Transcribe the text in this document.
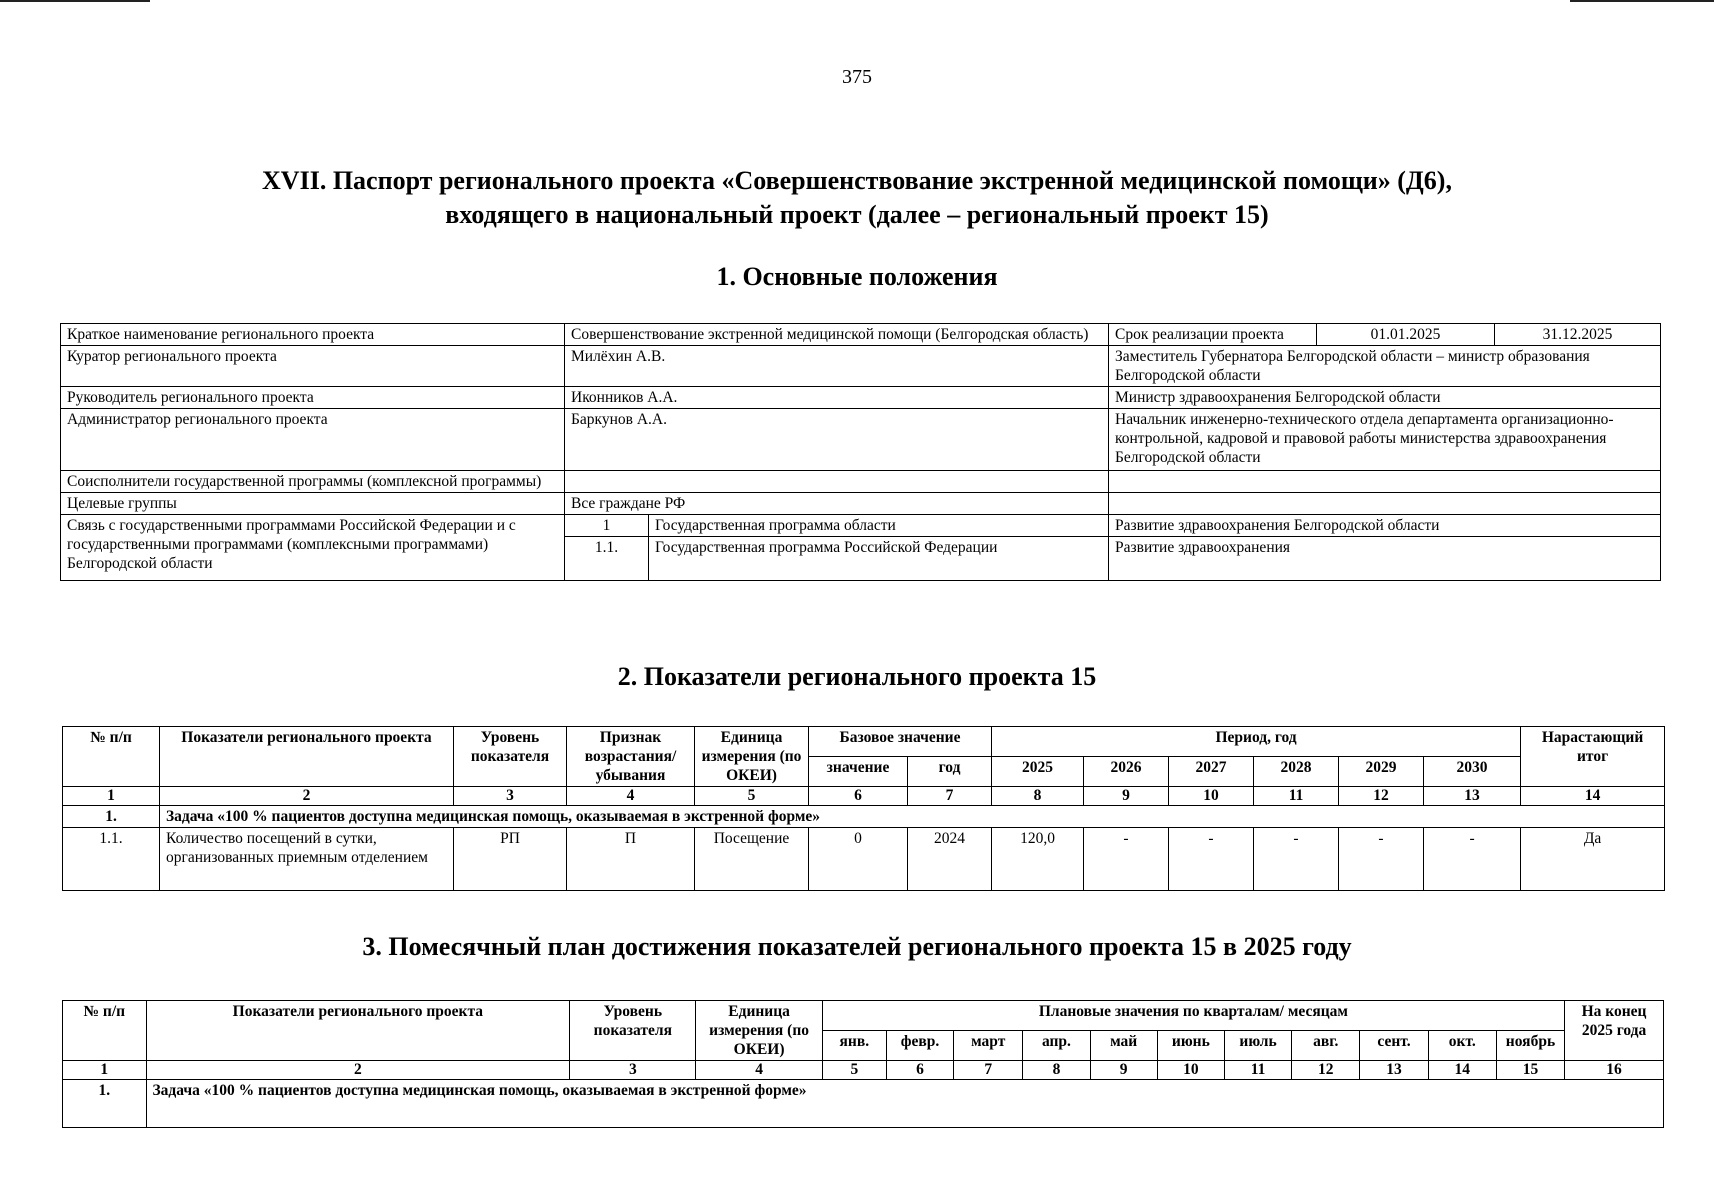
375
XVII. Паспорт регионального проекта «Совершенствование экстренной медицинской помощи» (Д6),
входящего в национальный проект (далее – региональный проект 15)
1. Основные положения
Краткое наименование регионального проекта	Совершенствование экстренной медицинской помощи (Белгородская область)		Срок реализации проекта	01.01.2025	31.12.2025
Куратор регионального проекта	Милёхин А.В.		Заместитель Губернатора Белгородской области – министр образования Белгородской области		
Руководитель регионального проекта	Иконников А.А.		Министр здравоохранения Белгородской области		
Администратор регионального проекта	Баркунов А.А.		Начальник инженерно-технического отдела департамента организационно-контрольной, кадровой и правовой работы министерства здравоохранения Белгородской области		
Соисполнители государственной программы (комплексной программы)					
Целевые группы	Все граждане РФ				
Связь с государственными программами Российской Федерации и с государственными программами (комплексными программами) Белгородской области	1	Государственная программа области	Развитие здравоохранения Белгородской области		
	1.1.	Государственная программа Российской Федерации	Развитие здравоохранения		
2. Показатели регионального проекта 15
№ п/п	Показатели регионального проекта	Уровень показателя	Признак возрастания/ убывания	Единица измерения (по ОКЕИ)	Базовое значение		Период, год						Нарастающий итог
					значение	год	2025	2026	2027	2028	2029	2030	
1	2	3	4	5	6	7	8	9	10	11	12	13	14
1.	Задача «100 % пациентов доступна медицинская помощь, оказываемая в экстренной форме»												
1.1.	Количество посещений в сутки, организованных приемным отделением	РП	П	Посещение	0	2024	120,0	-	-	-	-	-	Да
3. Помесячный план достижения показателей регионального проекта 15 в 2025 году
№ п/п	Показатели регионального проекта	Уровень показателя	Единица измерения (по ОКЕИ)	Плановые значения по кварталам/ месяцам											На конец 2025 года
				янв.	февр.	март	апр.	май	июнь	июль	авг.	сент.	окт.	ноябрь	
1	2	3	4	5	6	7	8	9	10	11	12	13	14	15	16
1.	Задача «100 % пациентов доступна медицинская помощь, оказываемая в экстренной форме»														
